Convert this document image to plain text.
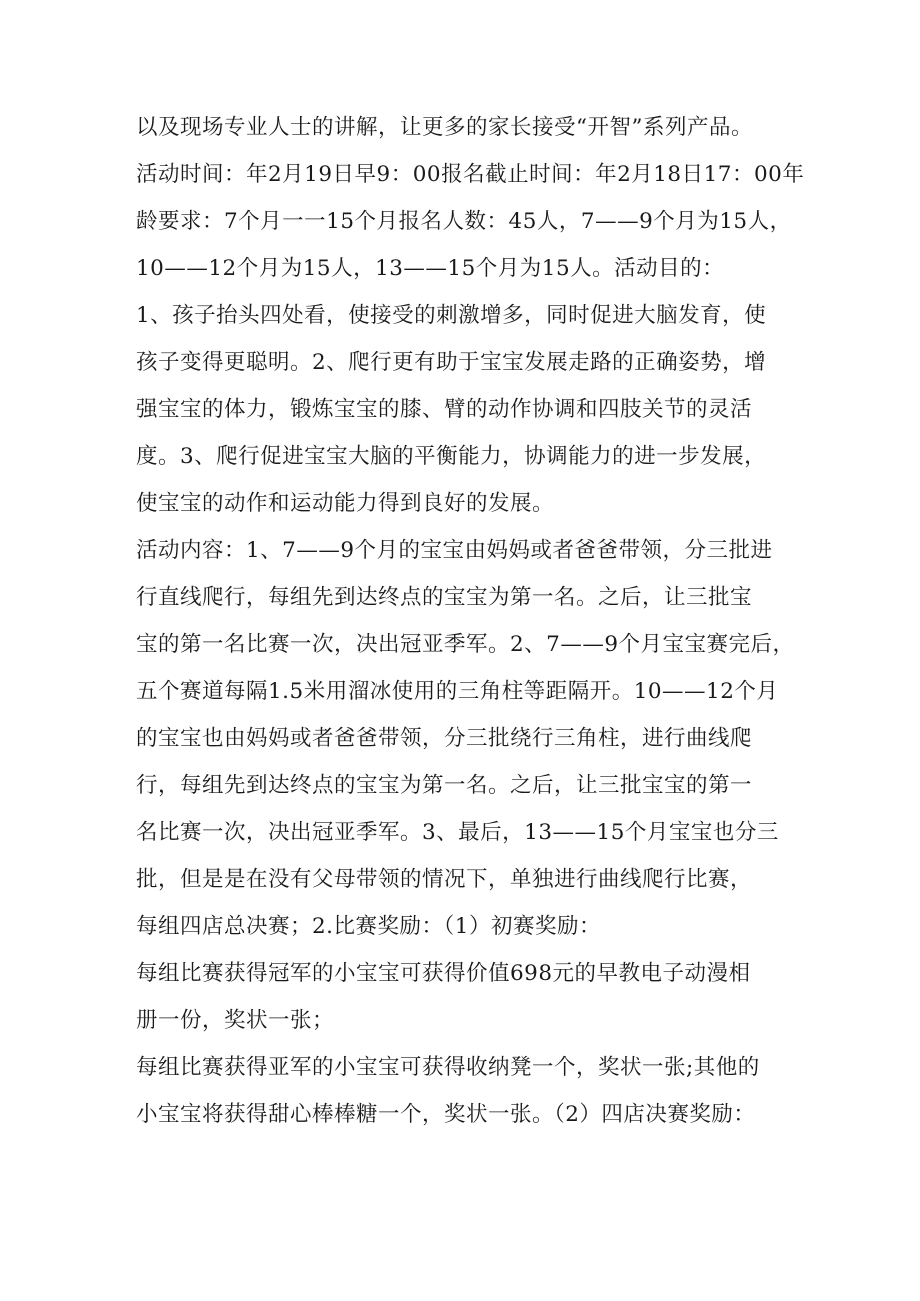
以及现场专业人士的讲解，让更多的家长接受“开智”系列产品。
活动时间：年2月19日早9：00报名截止时间：年2月18日17：00年
龄要求：7个月一一15个月报名人数：45人，7——9个月为15人，
10——12个月为15人，13——15个月为15人。活动目的：
1、孩子抬头四处看，使接受的刺激增多，同时促进大脑发育，使
孩子变得更聪明。2、爬行更有助于宝宝发展走路的正确姿势，增
强宝宝的体力，锻炼宝宝的膝、臂的动作协调和四肢关节的灵活
度。3、爬行促进宝宝大脑的平衡能力，协调能力的进一步发展，
使宝宝的动作和运动能力得到良好的发展。
活动内容：1、7——9个月的宝宝由妈妈或者爸爸带领，分三批进
行直线爬行，每组先到达终点的宝宝为第一名。之后，让三批宝
宝的第一名比赛一次，决出冠亚季军。2、7——9个月宝宝赛完后，
五个赛道每隔1.5米用溜冰使用的三角柱等距隔开。10——12个月
的宝宝也由妈妈或者爸爸带领，分三批绕行三角柱，进行曲线爬
行，每组先到达终点的宝宝为第一名。之后，让三批宝宝的第一
名比赛一次，决出冠亚季军。3、最后，13——15个月宝宝也分三
批，但是是在没有父母带领的情况下，单独进行曲线爬行比赛，
每组四店总决赛；2.比赛奖励：（1）初赛奖励：
每组比赛获得冠军的小宝宝可获得价值698元的早教电子动漫相
册一份，奖状一张；
每组比赛获得亚军的小宝宝可获得收纳凳一个，奖状一张;其他的
小宝宝将获得甜心棒棒糖一个，奖状一张。（2）四店决赛奖励：
